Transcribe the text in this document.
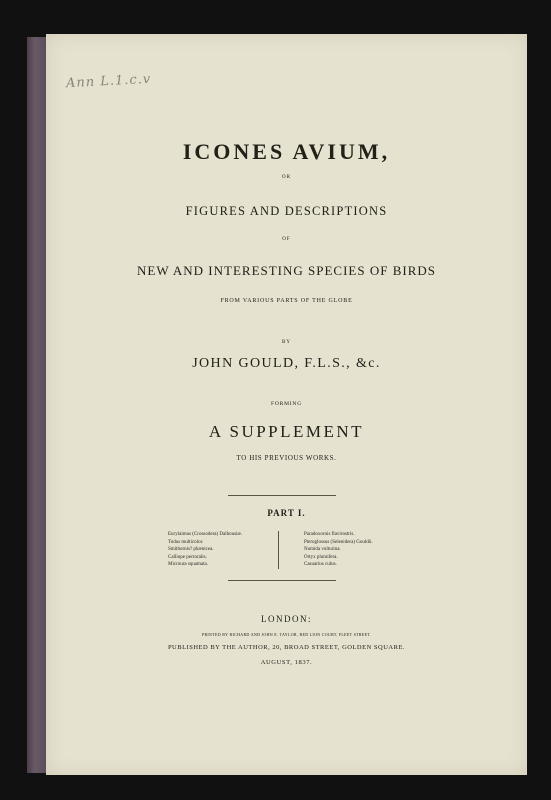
Ann L.1.c.v
ICONES AVIUM,
OR
FIGURES AND DESCRIPTIONS
OF
NEW AND INTERESTING SPECIES OF BIRDS
FROM VARIOUS PARTS OF THE GLOBE
BY
JOHN GOULD, F.L.S., &c.
FORMING
A SUPPLEMENT
TO HIS PREVIOUS WORKS.
PART I.
Eurylaimus (Crossodera) Dalhousiæ.
Todus multicolor.
Smithornis? phænicea.
Calliope pectoralis.
Microura squamata.
Paradoxornis flavirostris.
Pteroglossus (Selenidera) Gouldii.
Numida vulturina.
Ortyx plumifera.
Casuarius culus.
LONDON:
PRINTED BY RICHARD AND JOHN E. TAYLOR, RED LION COURT, FLEET STREET.
PUBLISHED BY THE AUTHOR, 20, BROAD STREET, GOLDEN SQUARE.
AUGUST, 1837.
